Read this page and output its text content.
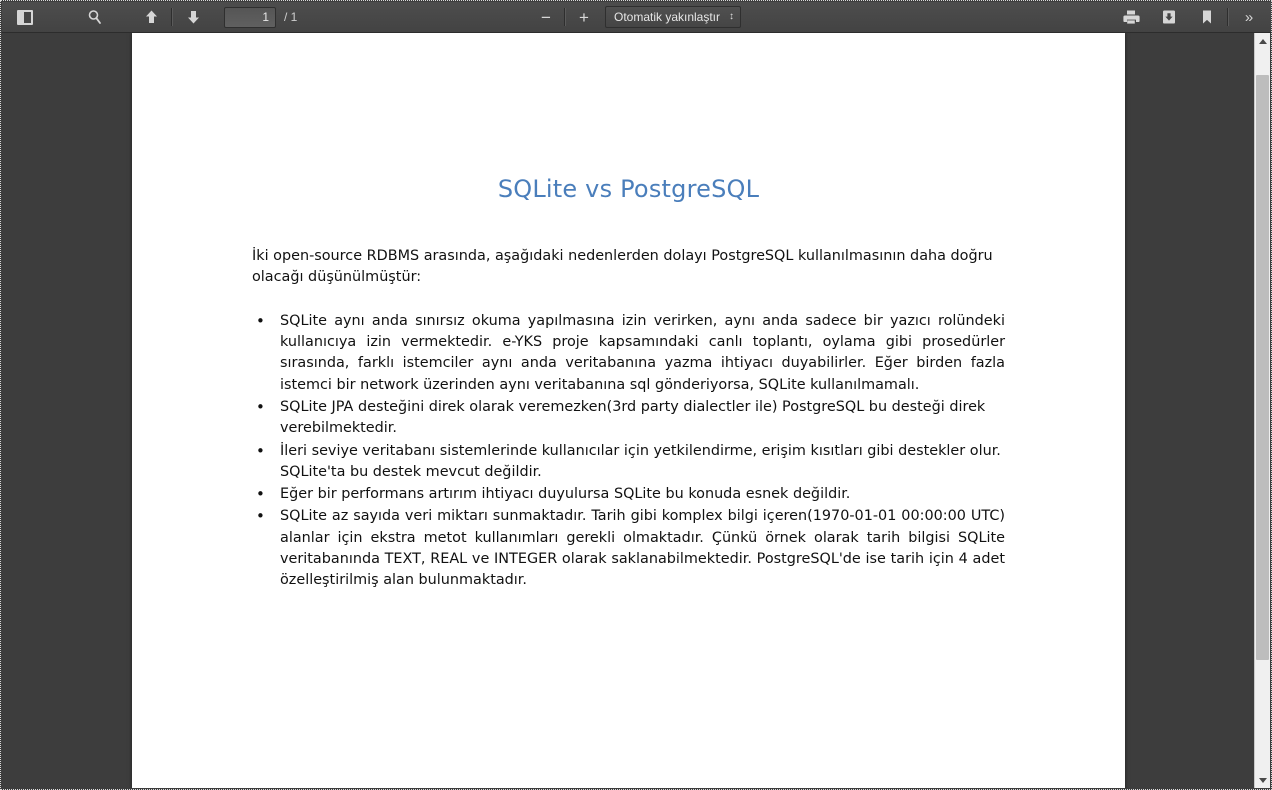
1
/ 1	−	+	Otomatik yakınlaştır ↕	»
SQLite vs PostgreSQL

İki open-source RDBMS arasında, aşağıdaki nedenlerden dolayı PostgreSQL kullanılmasının daha doğru olacağı düşünülmüştür:

• SQLite aynı anda sınırsız okuma yapılmasına izin verirken, aynı anda sadece bir yazıcı rolündeki kullanıcıya izin vermektedir. e-YKS proje kapsamındaki canlı toplantı, oylama gibi prosedürler sırasında, farklı istemciler aynı anda veritabanına yazma ihtiyacı duyabilirler. Eğer birden fazla istemci bir network üzerinden aynı veritabanına sql gönderiyorsa, SQLite kullanılmamalı.
• SQLite JPA desteğini direk olarak veremezken(3rd party dialectler ile) PostgreSQL bu desteği direk verebilmektedir.
• İleri seviye veritabanı sistemlerinde kullanıcılar için yetkilendirme, erişim kısıtları gibi destekler olur. SQLite'ta bu destek mevcut değildir.
• Eğer bir performans artırım ihtiyacı duyulursa SQLite bu konuda esnek değildir.
• SQLite az sayıda veri miktarı sunmaktadır. Tarih gibi komplex bilgi içeren(1970-01-01 00:00:00 UTC) alanlar için ekstra metot kullanımları gerekli olmaktadır. Çünkü örnek olarak tarih bilgisi SQLite veritabanında TEXT, REAL ve INTEGER olarak saklanabilmektedir. PostgreSQL'de ise tarih için 4 adet özelleştirilmiş alan bulunmaktadır.
